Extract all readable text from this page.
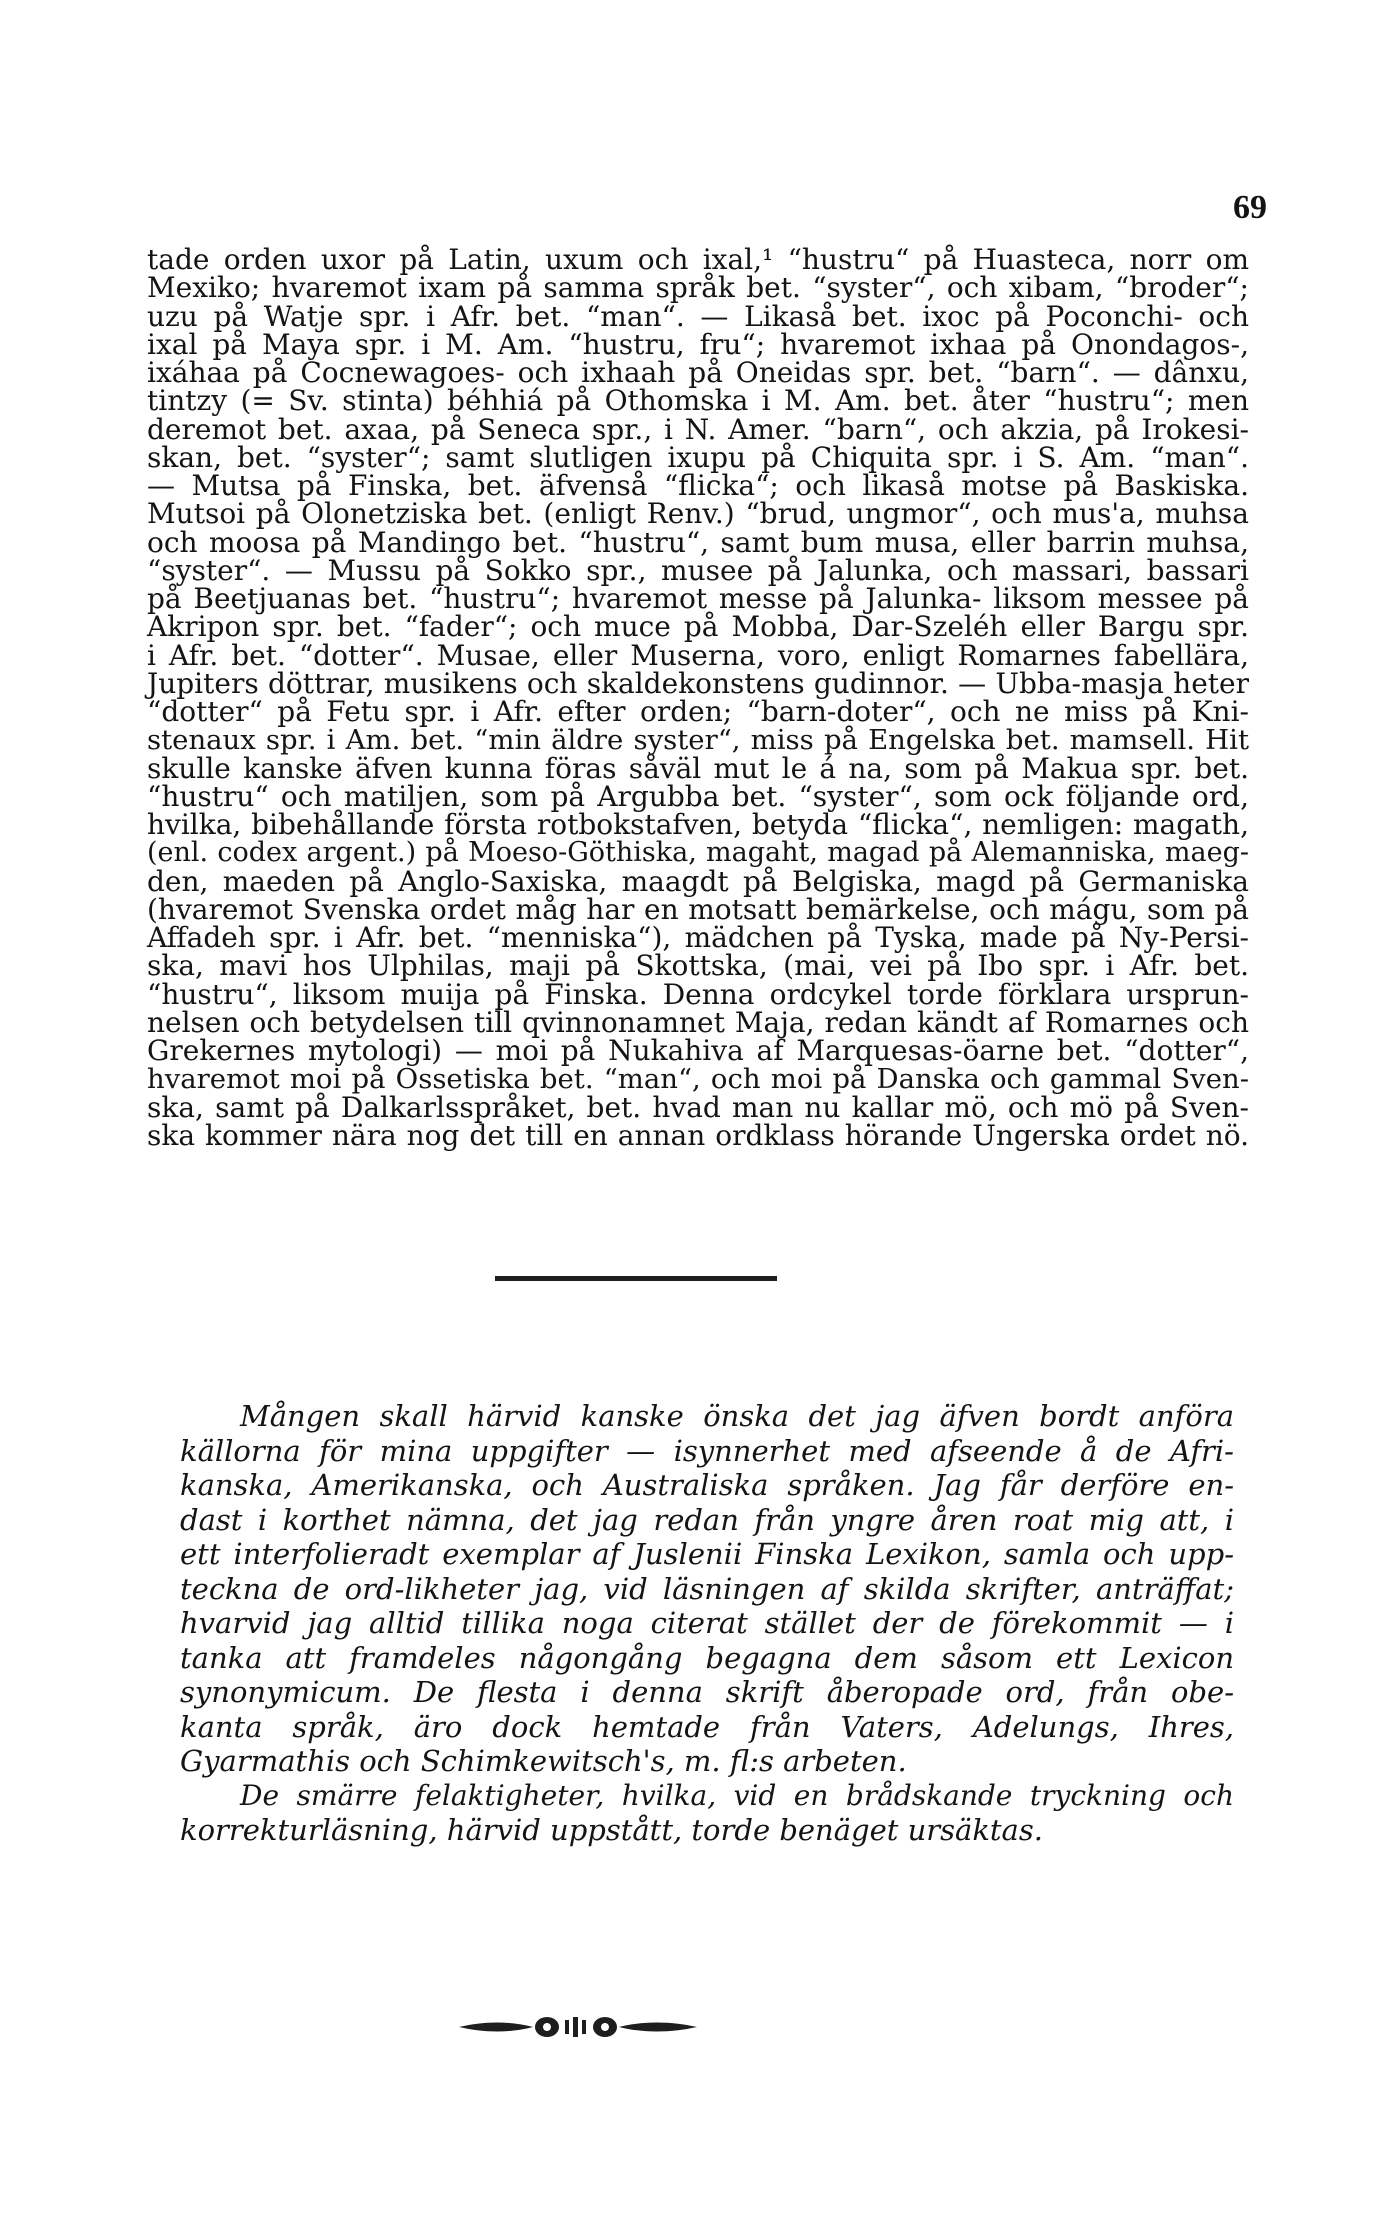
69
tade orden uxor på Latin, uxum och ixal,¹ “hustru“ på Huasteca, norr om
Mexiko; hvaremot ixam på samma språk bet. “syster“, och xibam, “broder“;
uzu på Watje spr. i Afr. bet. “man“. — Likaså bet. ixoc på Poconchi- och
ixal på Maya spr. i M. Am. “hustru, fru“; hvaremot ixhaa på Onondagos-,
ixáhaa på Cocnewagoes- och ixhaah på Oneidas spr. bet. “barn“. — dânxu,
tintzy (= Sv. stinta) béhhiá på Othomska i M. Am. bet. åter “hustru“; men
deremot bet. axaa, på Seneca spr., i N. Amer. “barn“, och akzia, på Irokesi-
skan, bet. “syster“; samt slutligen ixupu på Chiquita spr. i S. Am. “man“.
— Mutsa på Finska, bet. äfvenså “flicka“; och likaså motse på Baskiska.
Mutsoi på Olonetziska bet. (enligt Renv.) “brud, ungmor“, och mus'a, muhsa
och moosa på Mandingo bet. “hustru“, samt bum musa, eller barrin muhsa,
“syster“. — Mussu på Sokko spr., musee på Jalunka, och massari, bassari
på Beetjuanas bet. “hustru“; hvaremot messe på Jalunka- liksom messee på
Akripon spr. bet. “fader“; och muce på Mobba, Dar-Szeléh eller Bargu spr.
i Afr. bet. “dotter“. Musae, eller Muserna, voro, enligt Romarnes fabellära,
Jupiters döttrar, musikens och skaldekonstens gudinnor. — Ubba-masja heter
“dotter“ på Fetu spr. i Afr. efter orden; “barn-doter“, och ne miss på Kni-
stenaux spr. i Am. bet. “min äldre syster“, miss på Engelska bet. mamsell. Hit
skulle kanske äfven kunna föras såväl mut le á na, som på Makua spr. bet.
“hustru“ och matiljen, som på Argubba bet. “syster“, som ock följande ord,
hvilka, bibehållande första rotbokstafven, betyda “flicka“, nemligen: magath,
(enl. codex argent.) på Moeso-Göthiska, magaht, magad på Alemanniska, maeg-
den, maeden på Anglo-Saxiska, maagdt på Belgiska, magd på Germaniska
(hvaremot Svenska ordet måg har en motsatt bemärkelse, och mágu, som på
Affadeh spr. i Afr. bet. “menniska“), mädchen på Tyska, made på Ny-Persi-
ska, mavi hos Ulphilas, maji på Skottska, (mai, vei på Ibo spr. i Afr. bet.
“hustru“, liksom muija på Finska. Denna ordcykel torde förklara ursprun-
nelsen och betydelsen till qvinnonamnet Maja, redan kändt af Romarnes och
Grekernes mytologi) — moi på Nukahiva af Marquesas-öarne bet. “dotter“,
hvaremot moi på Ossetiska bet. “man“, och moi på Danska och gammal Sven-
ska, samt på Dalkarlsspråket, bet. hvad man nu kallar mö, och mö på Sven-
ska kommer nära nog det till en annan ordklass hörande Ungerska ordet nö.
Mången skall härvid kanske önska det jag äfven bordt anföra
källorna för mina uppgifter — isynnerhet med afseende å de Afri-
kanska, Amerikanska, och Australiska språken. Jag får derföre en-
dast i korthet nämna, det jag redan från yngre åren roat mig att, i
ett interfolieradt exemplar af Juslenii Finska Lexikon, samla och upp-
teckna de ord-likheter jag, vid läsningen af skilda skrifter, anträffat;
hvarvid jag alltid tillika noga citerat stället der de förekommit — i
tanka att framdeles någongång begagna dem såsom ett Lexicon
synonymicum. De flesta i denna skrift åberopade ord, från obe-
kanta språk, äro dock hemtade från Vaters, Adelungs, Ihres,
Gyarmathis och Schimkewitsch's, m. fl:s arbeten.
De smärre felaktigheter, hvilka, vid en brådskande tryckning och
korrekturläsning, härvid uppstått, torde benäget ursäktas.
